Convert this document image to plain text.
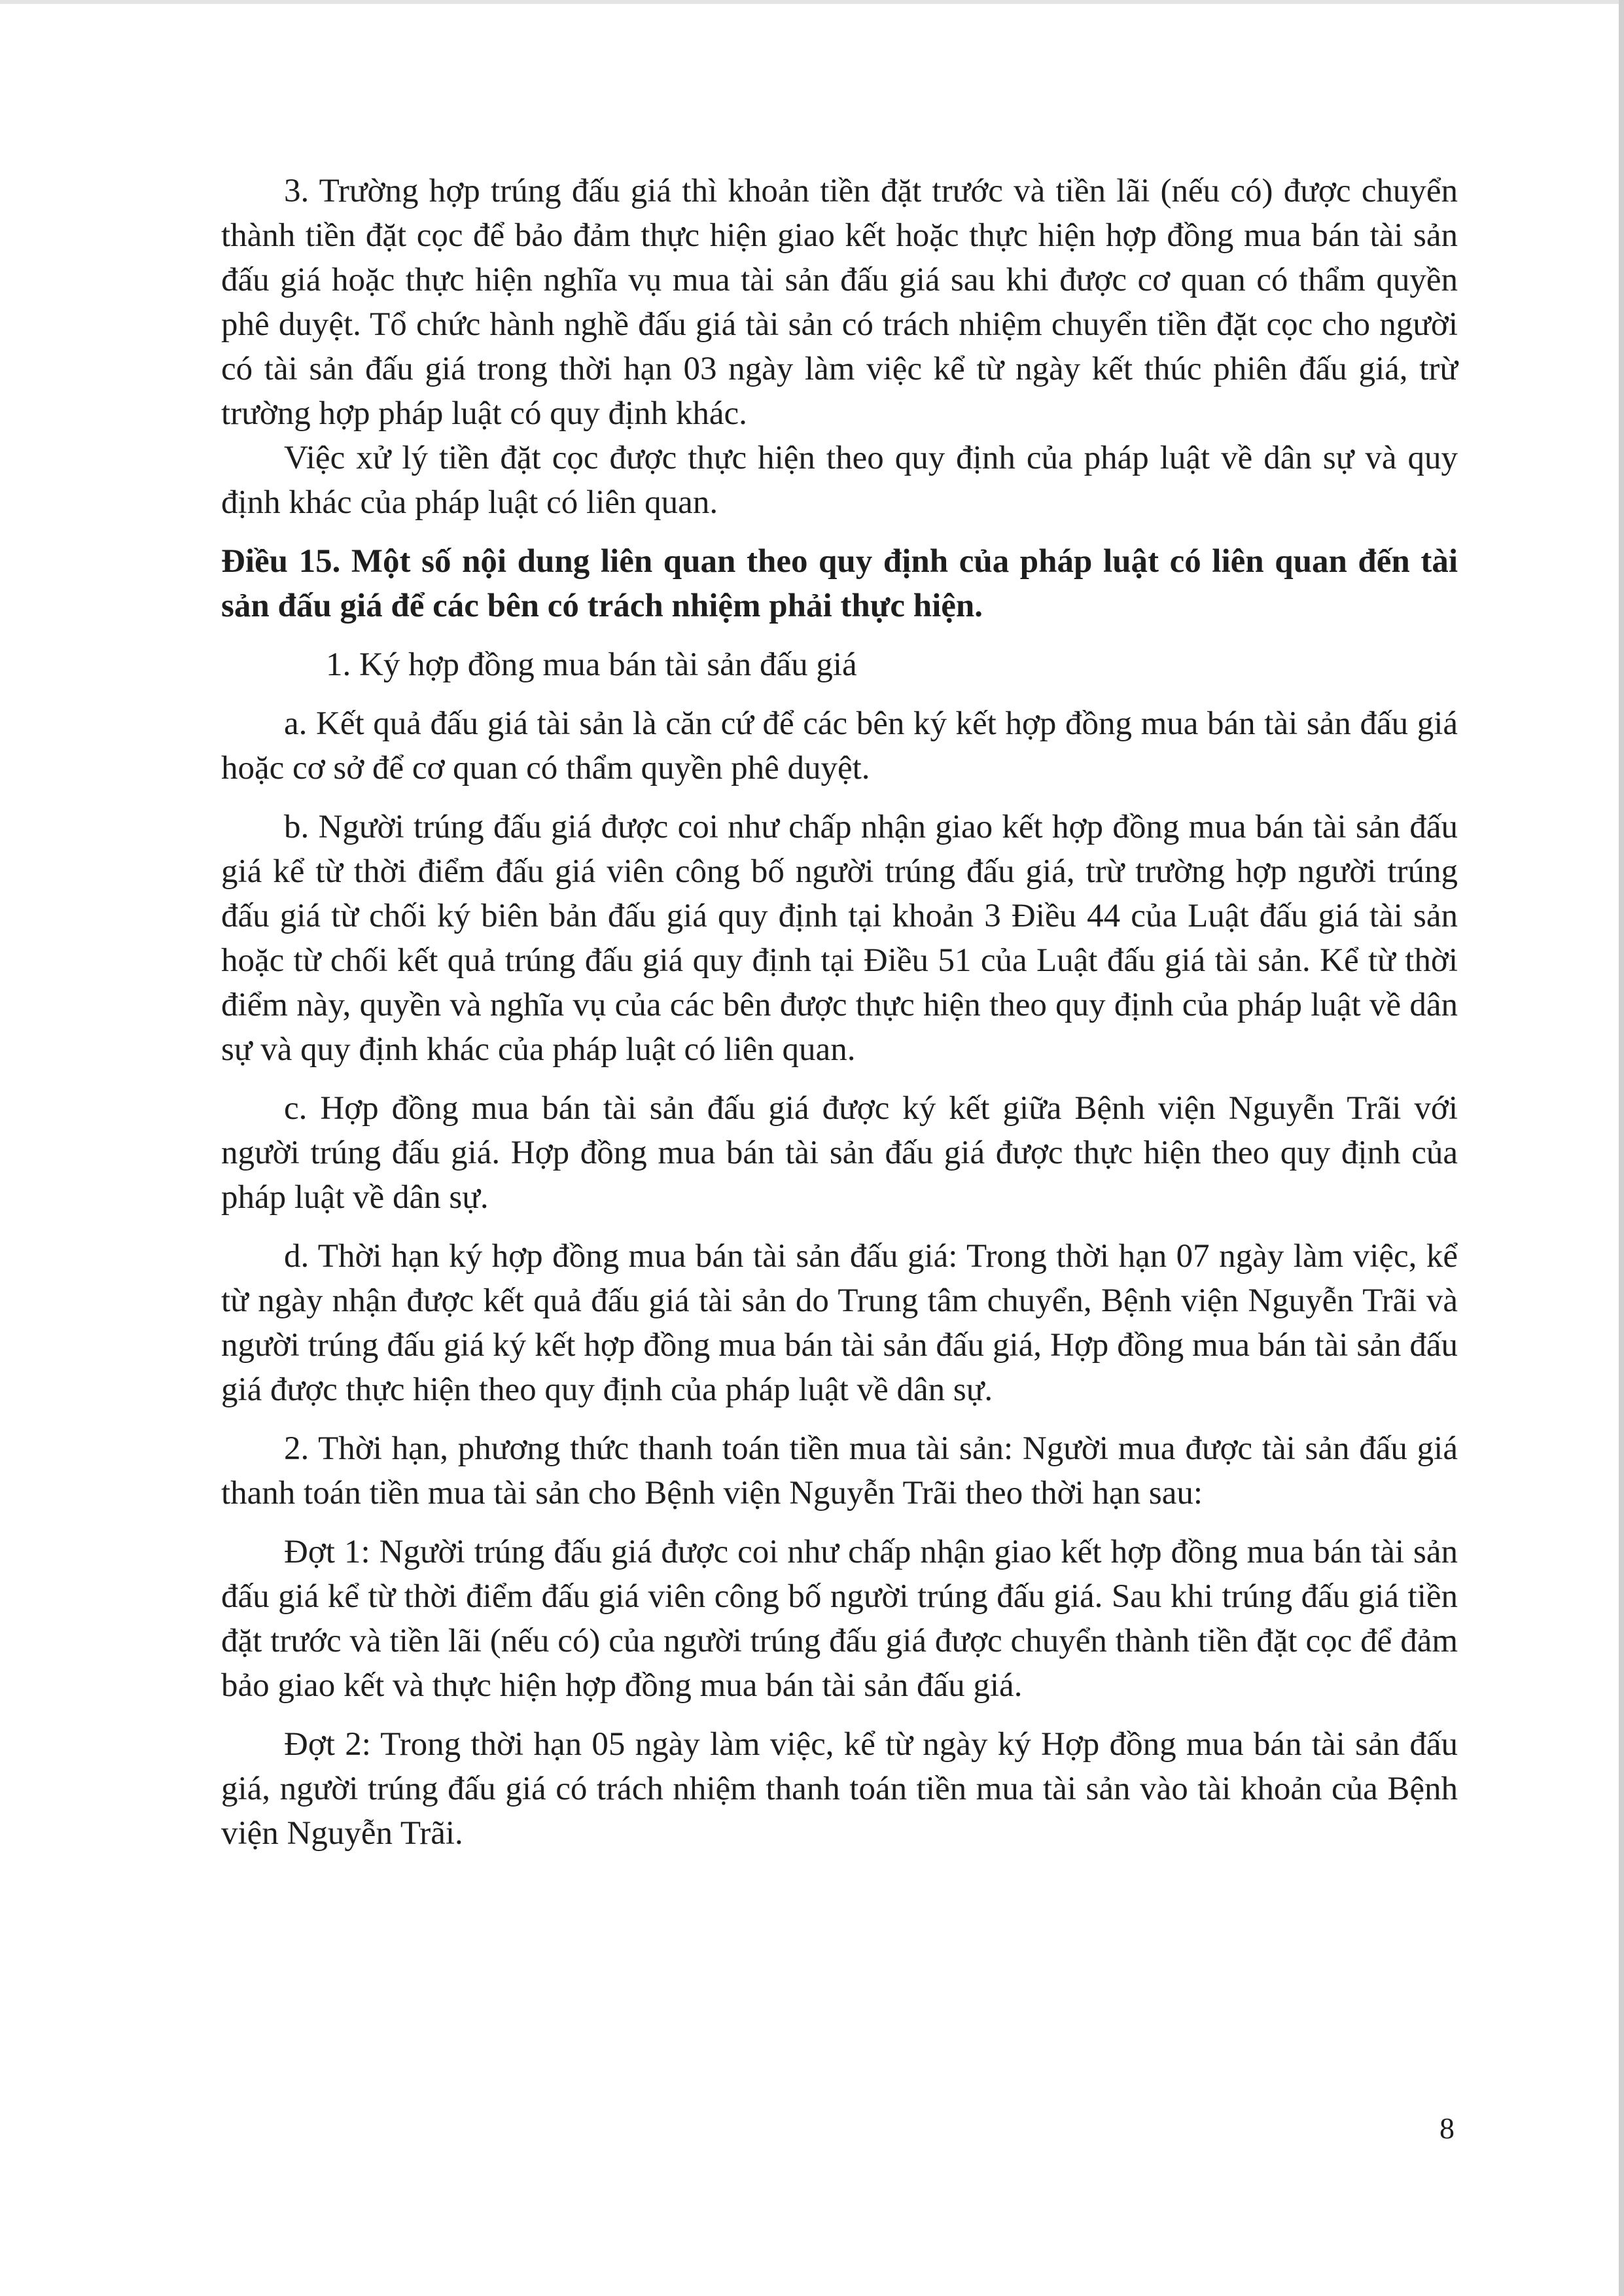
3. Trường hợp trúng đấu giá thì khoản tiền đặt trước và tiền lãi (nếu có) được chuyển thành tiền đặt cọc để bảo đảm thực hiện giao kết hoặc thực hiện hợp đồng mua bán tài sản đấu giá hoặc thực hiện nghĩa vụ mua tài sản đấu giá sau khi được cơ quan có thẩm quyền phê duyệt. Tổ chức hành nghề đấu giá tài sản có trách nhiệm chuyển tiền đặt cọc cho người có tài sản đấu giá trong thời hạn 03 ngày làm việc kể từ ngày kết thúc phiên đấu giá, trừ trường hợp pháp luật có quy định khác.

Việc xử lý tiền đặt cọc được thực hiện theo quy định của pháp luật về dân sự và quy định khác của pháp luật có liên quan.

Điều 15. Một số nội dung liên quan theo quy định của pháp luật có liên quan đến tài sản đấu giá để các bên có trách nhiệm phải thực hiện.

1. Ký hợp đồng mua bán tài sản đấu giá

a. Kết quả đấu giá tài sản là căn cứ để các bên ký kết hợp đồng mua bán tài sản đấu giá hoặc cơ sở để cơ quan có thẩm quyền phê duyệt.

b. Người trúng đấu giá được coi như chấp nhận giao kết hợp đồng mua bán tài sản đấu giá kể từ thời điểm đấu giá viên công bố người trúng đấu giá, trừ trường hợp người trúng đấu giá từ chối ký biên bản đấu giá quy định tại khoản 3 Điều 44 của Luật đấu giá tài sản hoặc từ chối kết quả trúng đấu giá quy định tại Điều 51 của Luật đấu giá tài sản. Kể từ thời điểm này, quyền và nghĩa vụ của các bên được thực hiện theo quy định của pháp luật về dân sự và quy định khác của pháp luật có liên quan.

c. Hợp đồng mua bán tài sản đấu giá được ký kết giữa Bệnh viện Nguyễn Trãi với người trúng đấu giá. Hợp đồng mua bán tài sản đấu giá được thực hiện theo quy định của pháp luật về dân sự.

d. Thời hạn ký hợp đồng mua bán tài sản đấu giá: Trong thời hạn 07 ngày làm việc, kể từ ngày nhận được kết quả đấu giá tài sản do Trung tâm chuyển, Bệnh viện Nguyễn Trãi và người trúng đấu giá ký kết hợp đồng mua bán tài sản đấu giá, Hợp đồng mua bán tài sản đấu giá được thực hiện theo quy định của pháp luật về dân sự.

2. Thời hạn, phương thức thanh toán tiền mua tài sản: Người mua được tài sản đấu giá thanh toán tiền mua tài sản cho Bệnh viện Nguyễn Trãi theo thời hạn sau:

Đợt 1: Người trúng đấu giá được coi như chấp nhận giao kết hợp đồng mua bán tài sản đấu giá kể từ thời điểm đấu giá viên công bố người trúng đấu giá. Sau khi trúng đấu giá tiền đặt trước và tiền lãi (nếu có) của người trúng đấu giá được chuyển thành tiền đặt cọc để đảm bảo giao kết và thực hiện hợp đồng mua bán tài sản đấu giá.

Đợt 2: Trong thời hạn 05 ngày làm việc, kể từ ngày ký Hợp đồng mua bán tài sản đấu giá, người trúng đấu giá có trách nhiệm thanh toán tiền mua tài sản vào tài khoản của Bệnh viện Nguyễn Trãi.

8
